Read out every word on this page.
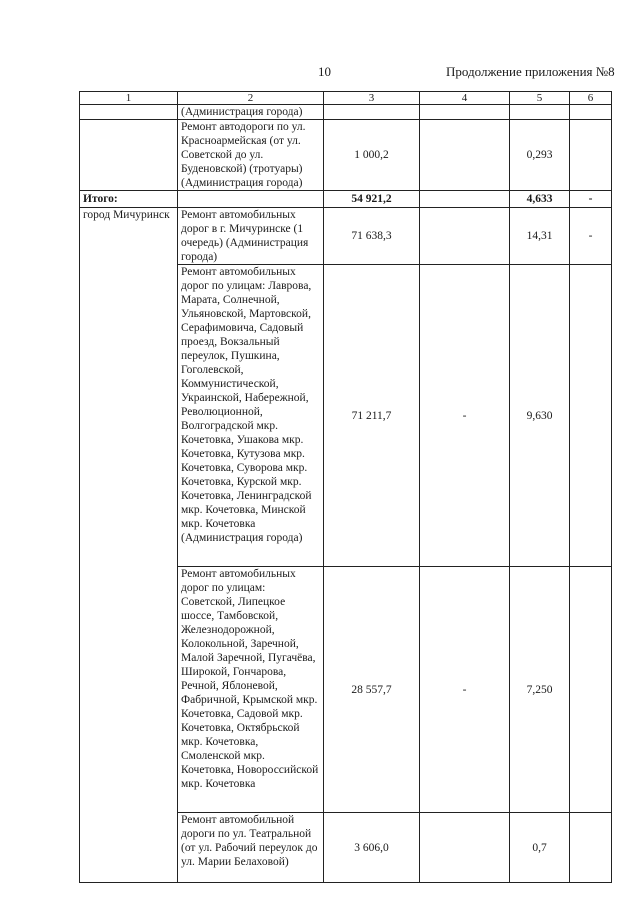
10	Продолжение приложения №8
1	2	3	4	5	6
	(Администрация города)				
	Ремонт автодороги по ул. Красноармейская (от ул. Советской до ул. Буденовской) (тротуары) (Администрация города)	1 000,2		0,293	
Итого:		54 921,2		4,633	-
город Мичуринск	Ремонт автомобильных дорог в г. Мичуринске (1 очередь) (Администрация города)	71 638,3		14,31	-
	Ремонт автомобильных дорог по улицам: Лаврова, Марата, Солнечной, Ульяновской, Мартовской, Серафимовича, Садовый проезд, Вокзальный переулок, Пушкина, Гоголевской, Коммунистической, Украинской, Набережной, Революционной, Волгоградской мкр. Кочетовка, Ушакова мкр. Кочетовка, Кутузова мкр. Кочетовка, Суворова мкр. Кочетовка, Курской мкр. Кочетовка, Ленинградской мкр. Кочетовка, Минской мкр. Кочетовка (Администрация города)	71 211,7	-	9,630	
	Ремонт автомобильных дорог по улицам: Советской, Липецкое шоссе, Тамбовской, Железнодорожной, Колокольной, Заречной, Малой Заречной, Пугачёва, Широкой, Гончарова, Речной, Яблоневой, Фабричной, Крымской мкр. Кочетовка, Садовой мкр. Кочетовка, Октябрьской мкр. Кочетовка, Смоленской мкр. Кочетовка, Новороссийской мкр. Кочетовка	28 557,7	-	7,250	
	Ремонт автомобильной дороги по ул. Театральной (от ул. Рабочий переулок до ул. Марии Белаховой)	3 606,0		0,7	
